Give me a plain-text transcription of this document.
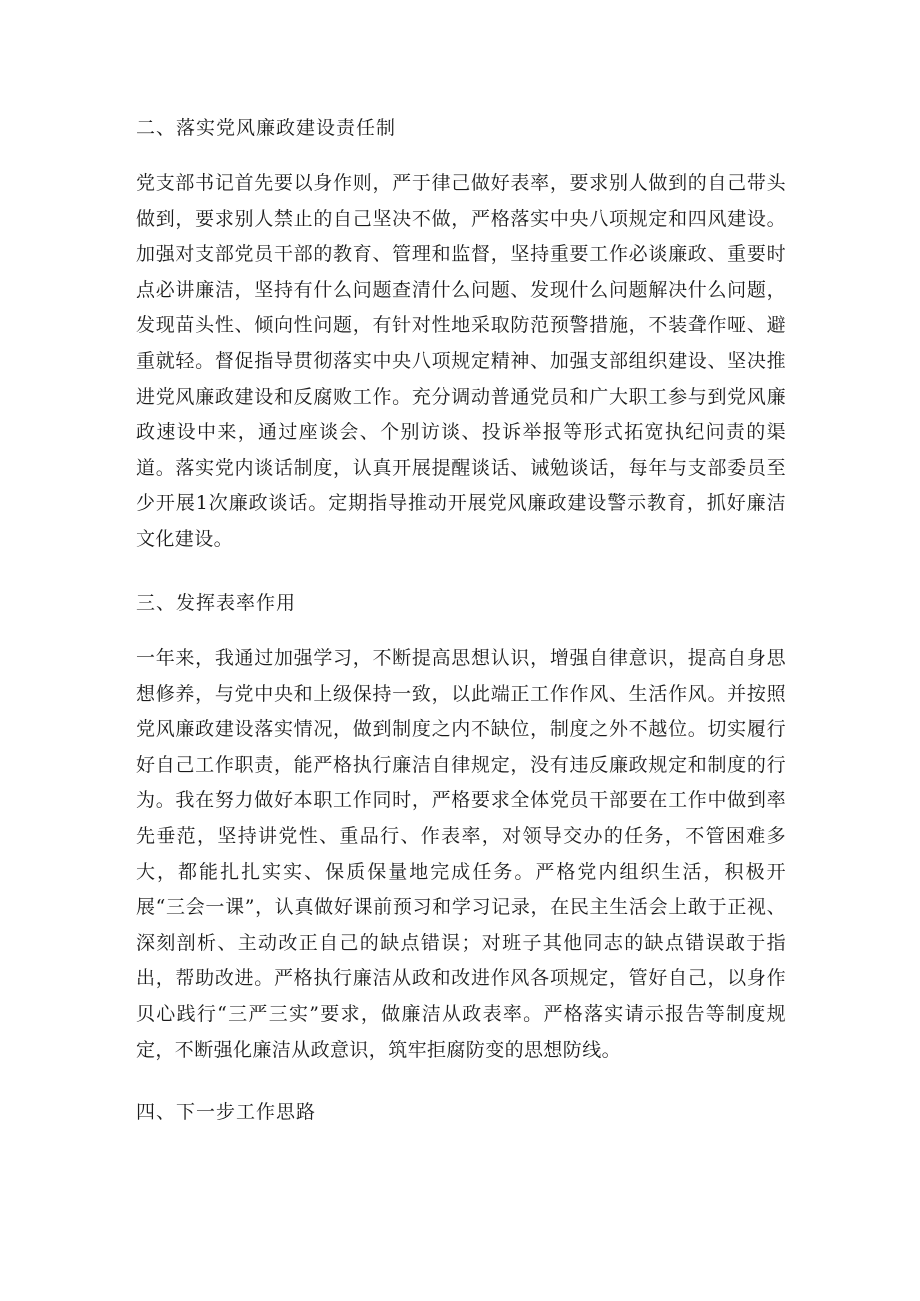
二、落实党风廉政建设责任制

党支部书记首先要以身作则，严于律己做好表率，要求别人做到的自己带头做到，要求别人禁止的自己坚决不做，严格落实中央八项规定和四风建设。加强对支部党员干部的教育、管理和监督，坚持重要工作必谈廉政、重要时点必讲廉洁，坚持有什么问题查清什么问题、发现什么问题解决什么问题，发现苗头性、倾向性问题，有针对性地采取防范预警措施，不装聋作哑、避重就轻。督促指导贯彻落实中央八项规定精神、加强支部组织建设、坚决推进党风廉政建设和反腐败工作。充分调动普通党员和广大职工参与到党风廉政速设中来，通过座谈会、个别访谈、投诉举报等形式拓宽执纪问责的渠道。落实党内谈话制度，认真开展提醒谈话、诫勉谈话，每年与支部委员至少开展1次廉政谈话。定期指导推动开展党风廉政建设警示教育，抓好廉洁文化建设。

三、发挥表率作用

一年来，我通过加强学习，不断提高思想认识，增强自律意识，提高自身思想修养，与党中央和上级保持一致，以此端正工作作风、生活作风。并按照党风廉政建设落实情况，做到制度之内不缺位，制度之外不越位。切实履行好自己工作职责，能严格执行廉洁自律规定，没有违反廉政规定和制度的行为。我在努力做好本职工作同时，严格要求全体党员干部要在工作中做到率先垂范，坚持讲党性、重品行、作表率，对领导交办的任务，不管困难多大，都能扎扎实实、保质保量地完成任务。严格党内组织生活，积极开展“三会一课”，认真做好课前预习和学习记录，在民主生活会上敢于正视、深刻剖析、主动改正自己的缺点错误；对班子其他同志的缺点错误敢于指出，帮助改进。严格执行廉洁从政和改进作风各项规定，管好自己，以身作贝心践行“三严三实”要求，做廉洁从政表率。严格落实请示报告等制度规定，不断强化廉洁从政意识，筑牢拒腐防变的思想防线。

四、下一步工作思路
